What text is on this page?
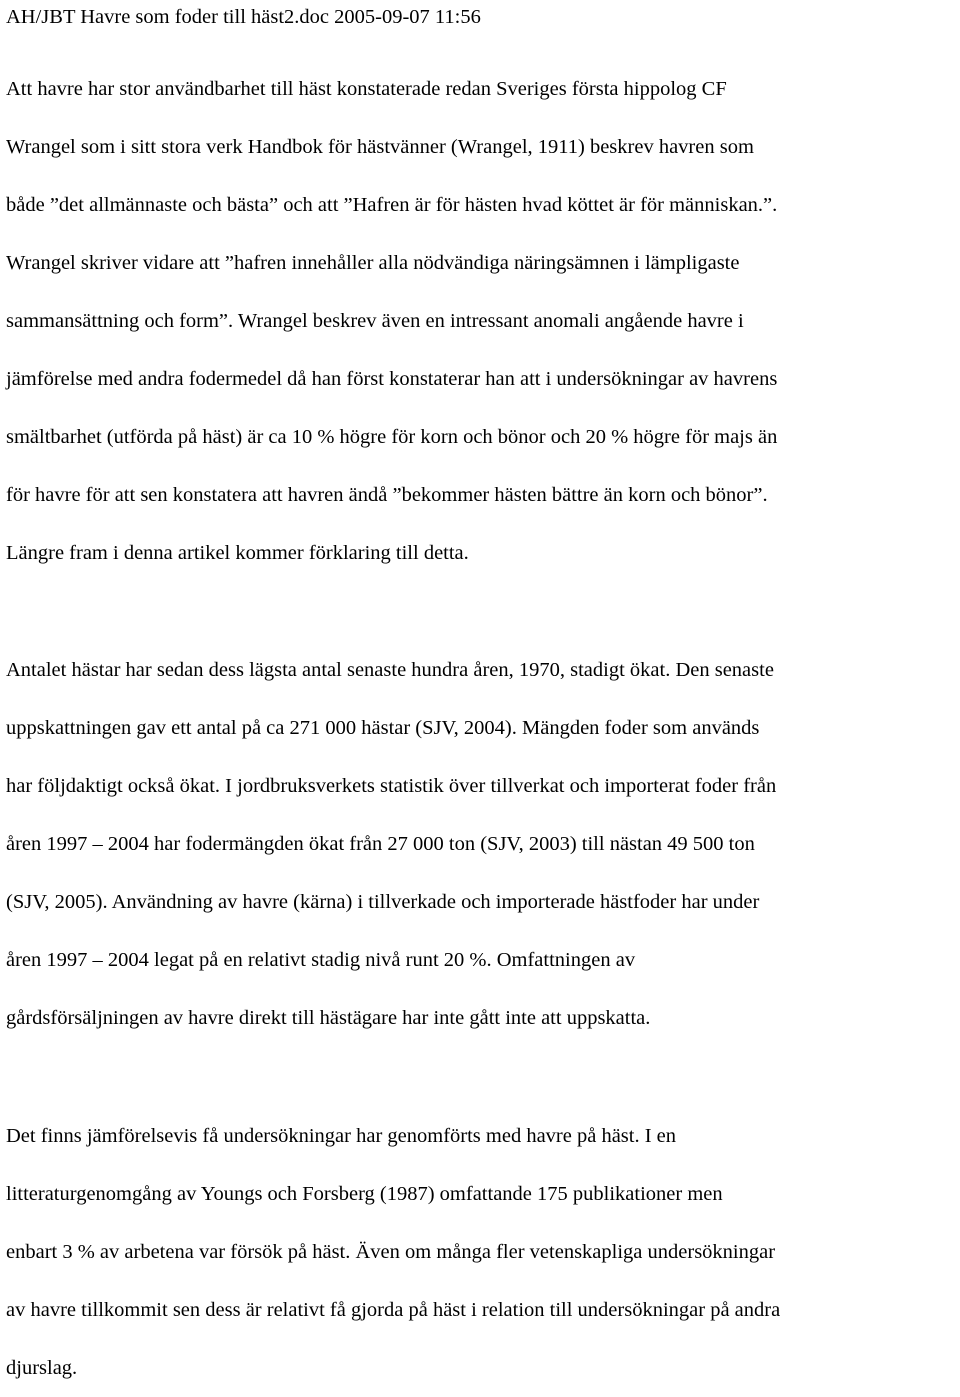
AH/JBT Havre som foder till häst2.doc 2005-09-07 11:56
Att havre har stor användbarhet till häst konstaterade redan Sveriges första hippolog CF
Wrangel som i sitt stora verk Handbok för hästvänner (Wrangel, 1911) beskrev havren som
både ”det allmännaste och bästa” och att ”Hafren är för hästen hvad köttet är för människan.”.
Wrangel skriver vidare att ”hafren innehåller alla nödvändiga näringsämnen i lämpligaste
sammansättning och form”. Wrangel beskrev även en intressant anomali angående havre i
jämförelse med andra fodermedel då han först konstaterar han att i undersökningar av havrens
smältbarhet (utförda på häst) är ca 10 % högre för korn och bönor och 20 % högre för majs än
för havre för att sen konstatera att havren ändå ”bekommer hästen bättre än korn och bönor”.
Längre fram i denna artikel kommer förklaring till detta.
Antalet hästar har sedan dess lägsta antal senaste hundra åren, 1970, stadigt ökat. Den senaste
uppskattningen gav ett antal på ca 271 000 hästar (SJV, 2004). Mängden foder som används
har följdaktigt också ökat. I jordbruksverkets statistik över tillverkat och importerat foder från
åren 1997 – 2004 har fodermängden ökat från 27 000 ton (SJV, 2003) till nästan 49 500 ton
(SJV, 2005). Användning av havre (kärna) i tillverkade och importerade hästfoder har under
åren 1997 – 2004 legat på en relativt stadig nivå runt 20 %. Omfattningen av
gårdsförsäljningen av havre direkt till hästägare har inte gått inte att uppskatta.
Det finns jämförelsevis få undersökningar har genomförts med havre på häst. I en
litteraturgenomgång av Youngs och Forsberg (1987) omfattande 175 publikationer men
enbart 3 % av arbetena var försök på häst. Även om många fler vetenskapliga undersökningar
av havre tillkommit sen dess är relativt få gjorda på häst i relation till undersökningar på andra
djurslag.
